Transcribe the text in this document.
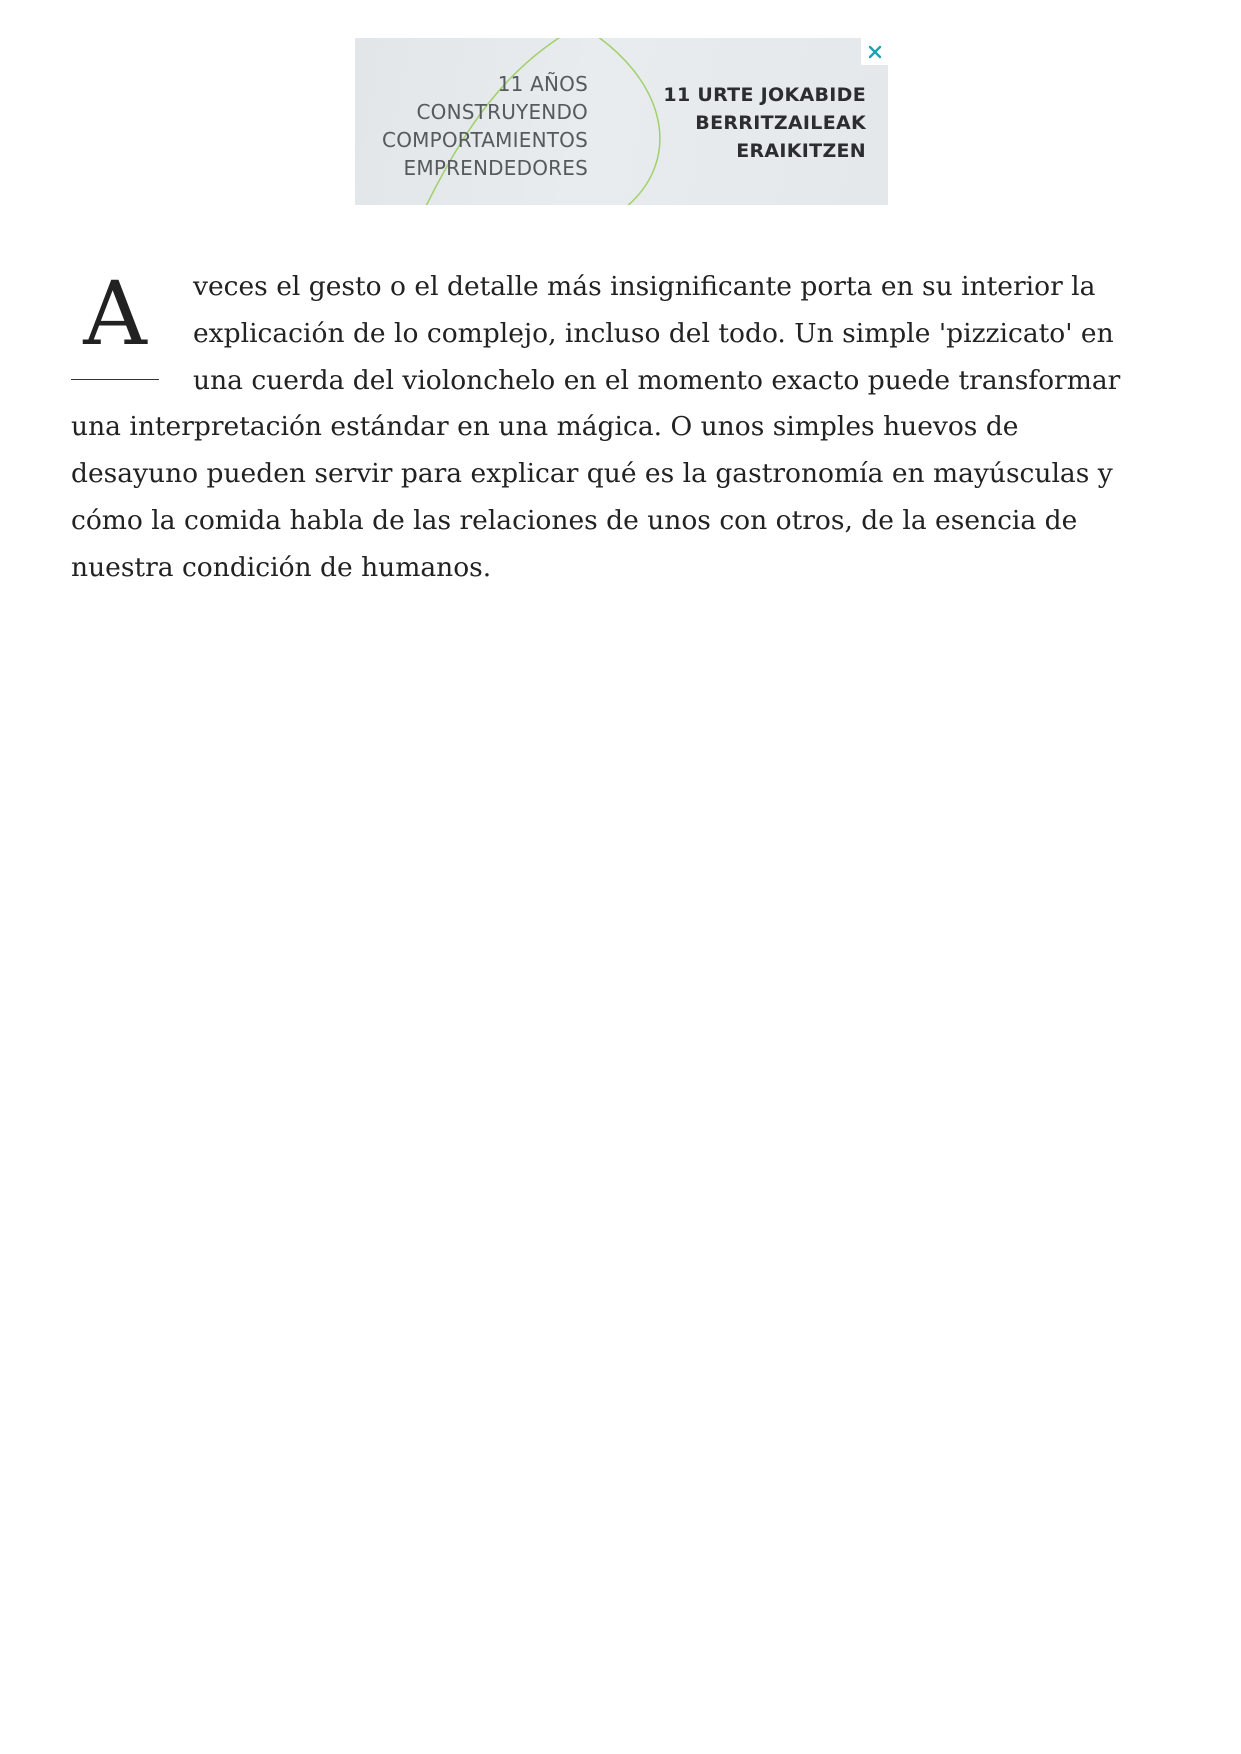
11 AÑOS
CONSTRUYENDO
COMPORTAMIENTOS
EMPRENDEDORES
11 URTE JOKABIDE
BERRITZAILEAK
ERAIKITZEN
A	veces el gesto o el detalle más insignificante porta en su interior la
explicación de lo complejo, incluso del todo. Un simple 'pizzicato' en
una cuerda del violonchelo en el momento exacto puede transformar
una interpretación estándar en una mágica. O unos simples huevos de
desayuno pueden servir para explicar qué es la gastronomía en mayúsculas y
cómo la comida habla de las relaciones de unos con otros, de la esencia de
nuestra condición de humanos.
